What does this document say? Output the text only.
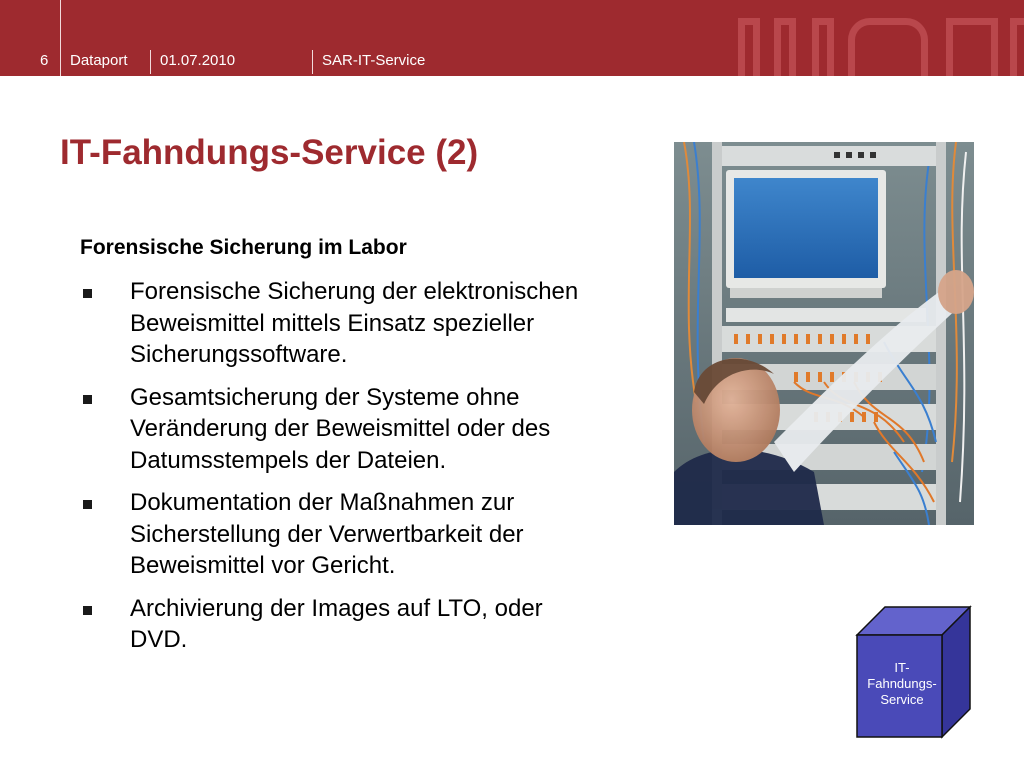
6 Dataport 01.07.2010	SAR-IT-Service
IT-Fahndungs-Service (2)
Forensische Sicherung im Labor
Forensische Sicherung der elektronischen Beweismittel mittels Einsatz spezieller Sicherungssoftware.
Gesamtsicherung der Systeme ohne Veränderung der Beweismittel oder des Datumsstempels der Dateien.
Dokumentation der Maßnahmen zur Sicherstellung der Verwertbarkeit der Beweismittel vor Gericht.
Archivierung der Images auf LTO, oder DVD.
IT-Fahndungs-Service
